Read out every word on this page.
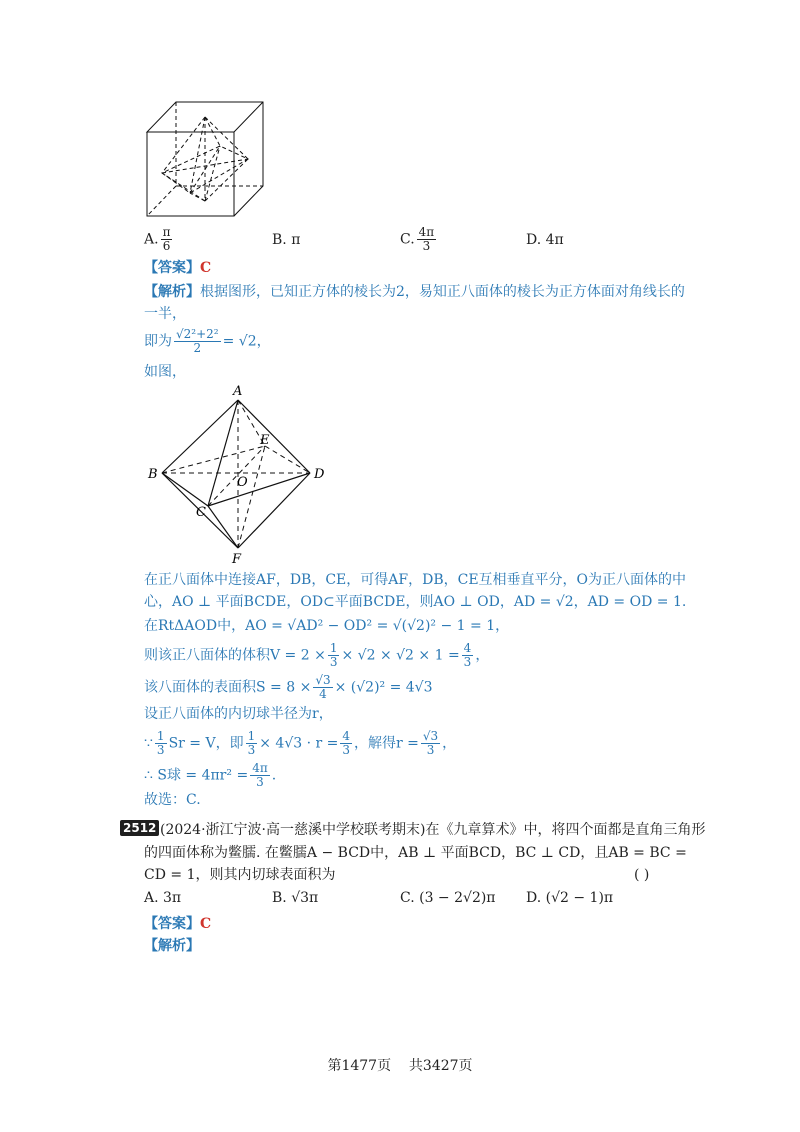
A. $\frac{\pi}{6}$	B. π	C. $\frac{4\pi}{3}$	D. 4π
【答案】C
【解析】根据图形，已知正方体的棱长为2，易知正八面体的棱长为正方体面对角线长的
一半，
即为 $\frac{\text{√2²+2²}}{2} = √2$，
如图，
A
B
C
D
E
O
F
在正八面体中连接AF，DB，CE，可得AF，DB，CE互相垂直平分，O为正八面体的中
心，AO ⊥ 平面BCDE，OD⊂平面BCDE，则AO ⊥ OD，AD = √2，AD = OD = 1.
在RtΔAOD中，AO = √AD² − OD² = √(√2)² − 1 = 1，
则该正八面体的体积$V = 2 \times \frac{1}{3} \times √2 \times √2 \times 1 = \frac{4}{3}$ ，
该八面体的表面积$S = 8 \times \frac{√3}{4} \times (√2)^2 = 4√3$
设正八面体的内切球半径为r，
∵ $\frac{1}{3}$ Sr = V，即 $\frac{1}{3} \times 4√3 \cdot r = \frac{4}{3}$ ，解得$r = \frac{√3}{3}$ ，
∴ S球 = $4\pi r^2 = \frac{4\pi}{3}$ .
故选：C.
2512 (2024·浙江宁波·高一慈溪中学校联考期末)在《九章算术》中，将四个面都是直角三角形
的四面体称为鳖臑. 在鳖臑A − BCD中，AB ⊥ 平面BCD，BC ⊥ CD，且AB = BC =
CD = 1，则其内切球表面积为	( )
A. 3π	B. √3π	C. (3 − 2√2)π D. (√2 − 1)π
【答案】C
【解析】
第1477页 共3427页
